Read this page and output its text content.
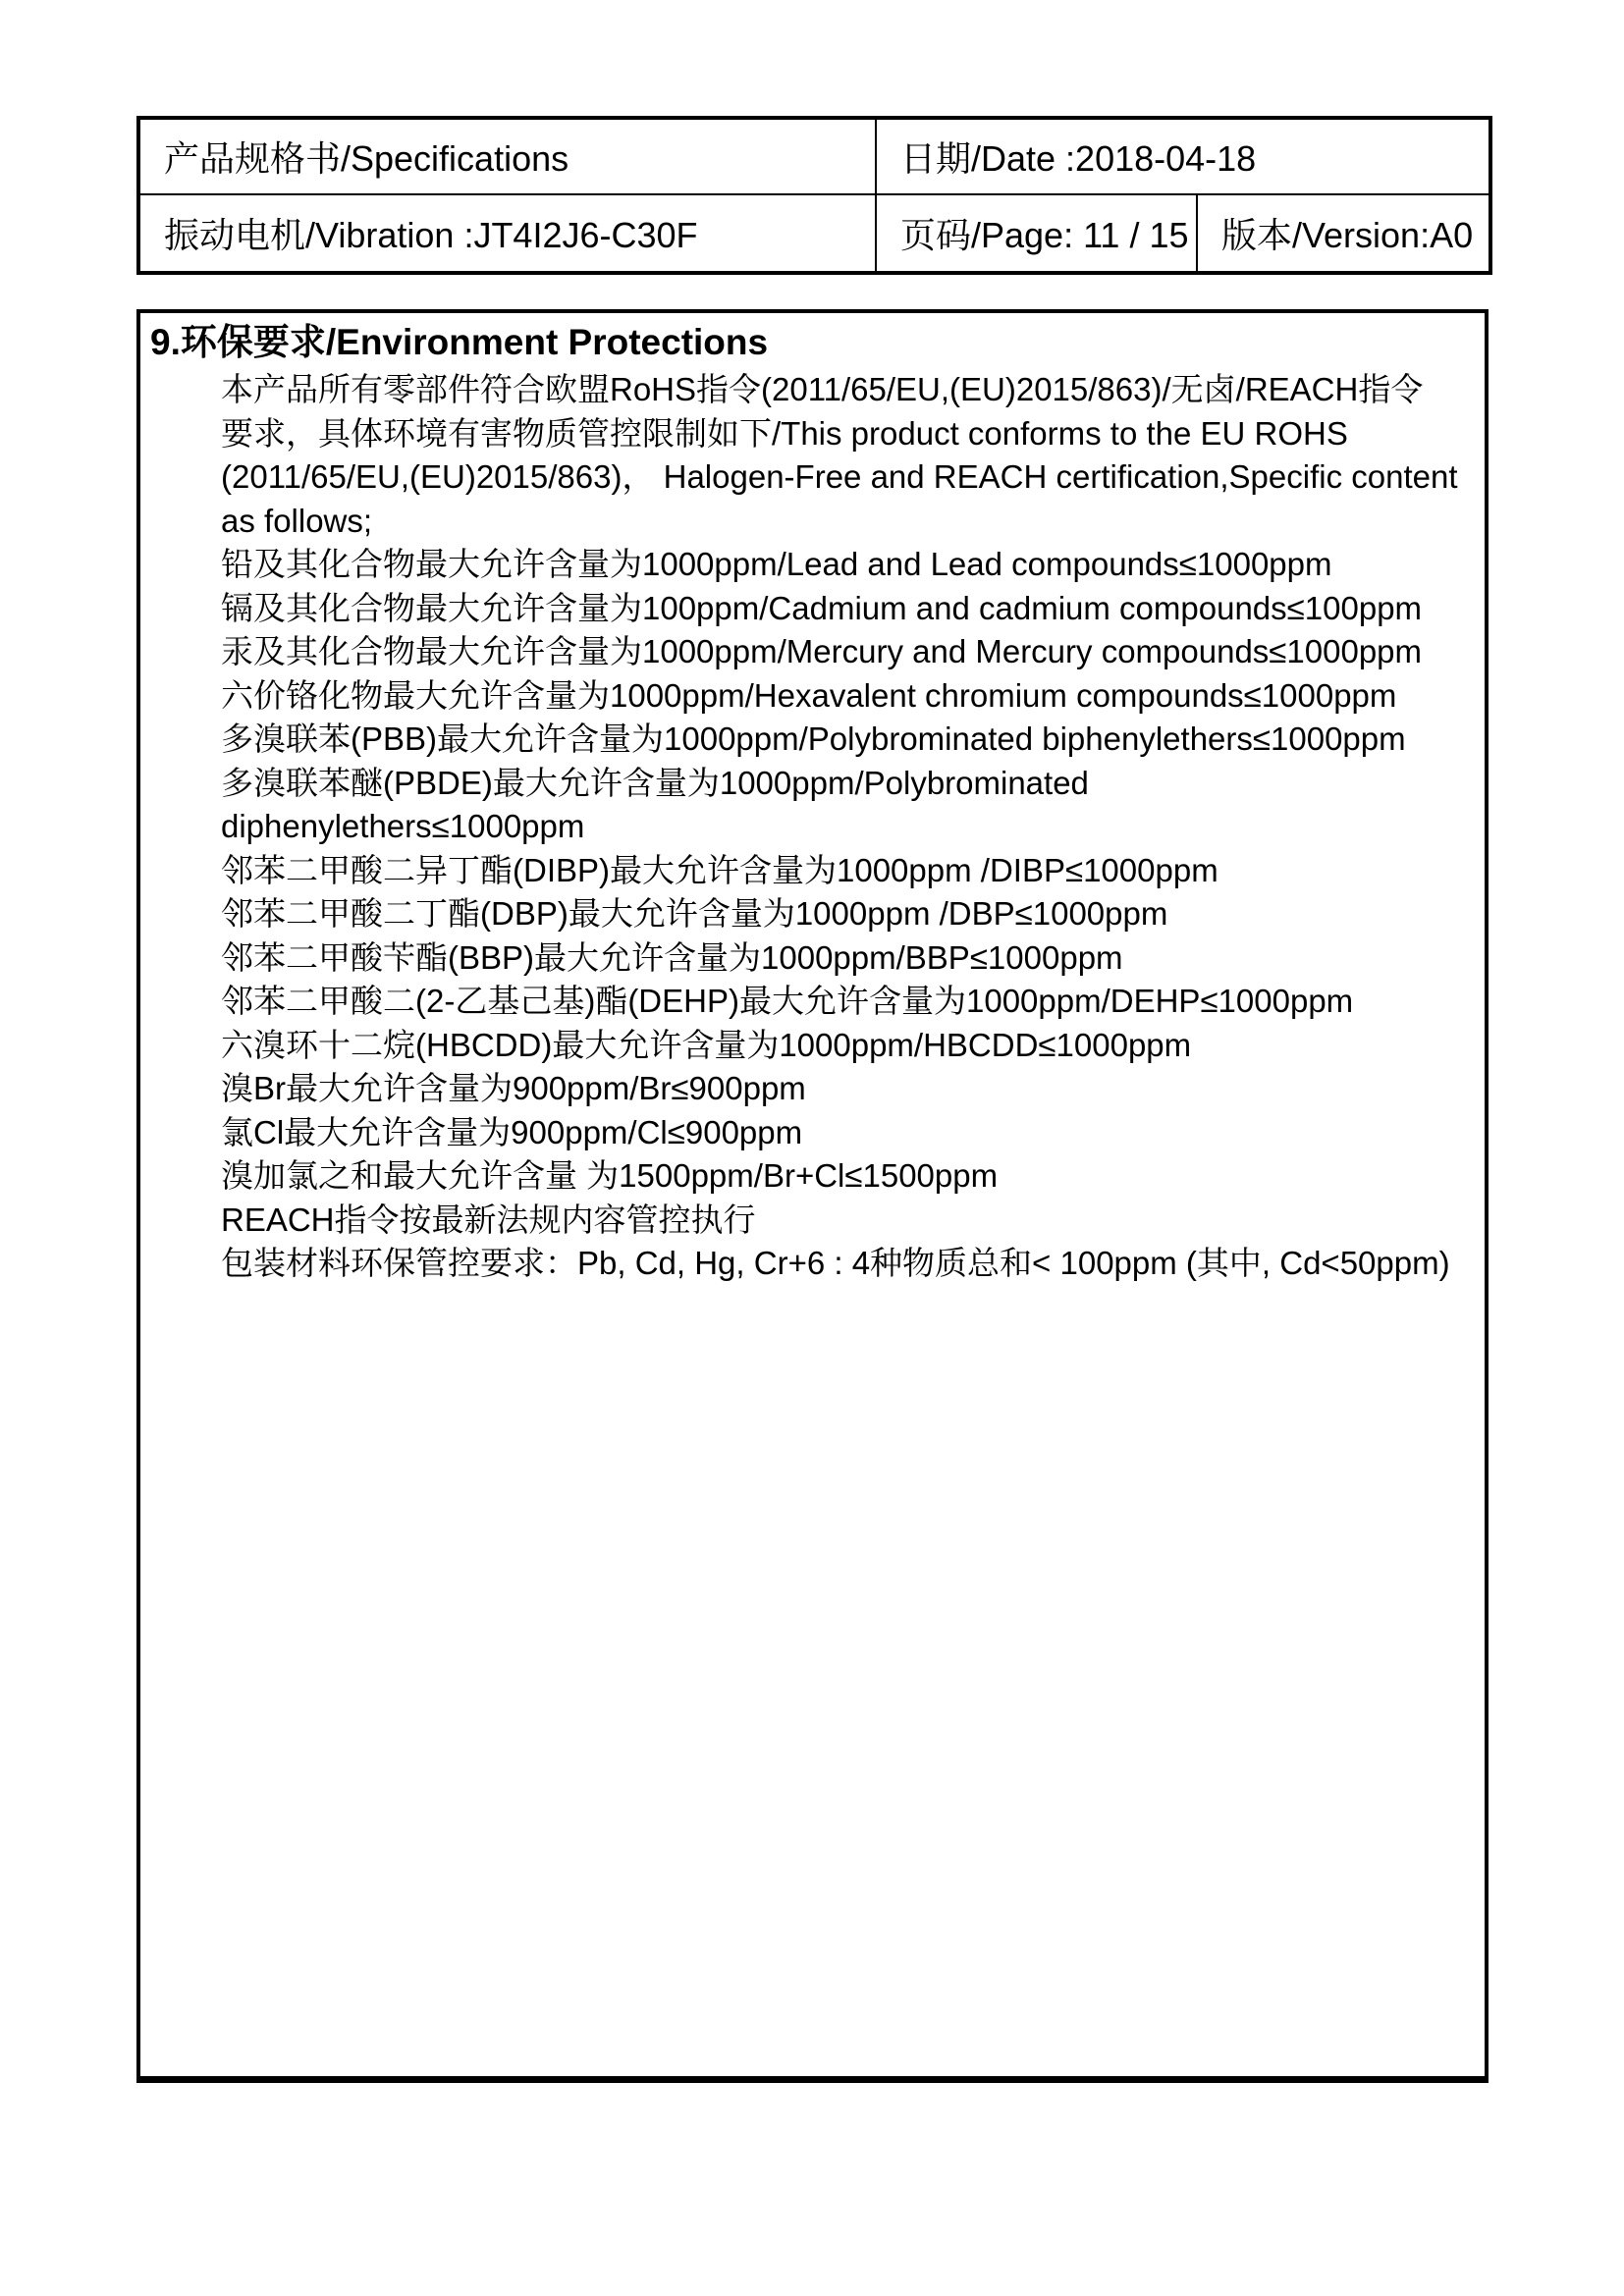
产品规格书/Specifications	日期/Date :2018-04-18	
振动电机/Vibration :JT4I2J6-C30F	页码/Page: 11 / 15	版本/Version:A0
9.环保要求/Environment Protections
本产品所有零部件符合欧盟RoHS指令(2011/65/EU,(EU)2015/863)/无卤/REACH指令
要求，具体环境有害物质管控限制如下/This product conforms to the EU ROHS
(2011/65/EU,(EU)2015/863)， Halogen-Free and REACH certification,Specific content
as follows;
铅及其化合物最大允许含量为1000ppm/Lead and Lead compounds≤1000ppm
镉及其化合物最大允许含量为100ppm/Cadmium and cadmium compounds≤100ppm
汞及其化合物最大允许含量为1000ppm/Mercury and Mercury compounds≤1000ppm
六价铬化物最大允许含量为1000ppm/Hexavalent chromium compounds≤1000ppm
多溴联苯(PBB)最大允许含量为1000ppm/Polybrominated biphenylethers≤1000ppm
多溴联苯醚(PBDE)最大允许含量为1000ppm/Polybrominated
diphenylethers≤1000ppm
邻苯二甲酸二异丁酯(DIBP)最大允许含量为1000ppm /DIBP≤1000ppm
邻苯二甲酸二丁酯(DBP)最大允许含量为1000ppm /DBP≤1000ppm
邻苯二甲酸苄酯(BBP)最大允许含量为1000ppm/BBP≤1000ppm
邻苯二甲酸二(2-乙基己基)酯(DEHP)最大允许含量为1000ppm/DEHP≤1000ppm
六溴环十二烷(HBCDD)最大允许含量为1000ppm/HBCDD≤1000ppm
溴Br最大允许含量为900ppm/Br≤900ppm
氯Cl最大允许含量为900ppm/Cl≤900ppm
溴加氯之和最大允许含量 为1500ppm/Br+Cl≤1500ppm
REACH指令按最新法规内容管控执行
包装材料环保管控要求：Pb, Cd, Hg, Cr+6 : 4种物质总和< 100ppm (其中, Cd<50ppm)
